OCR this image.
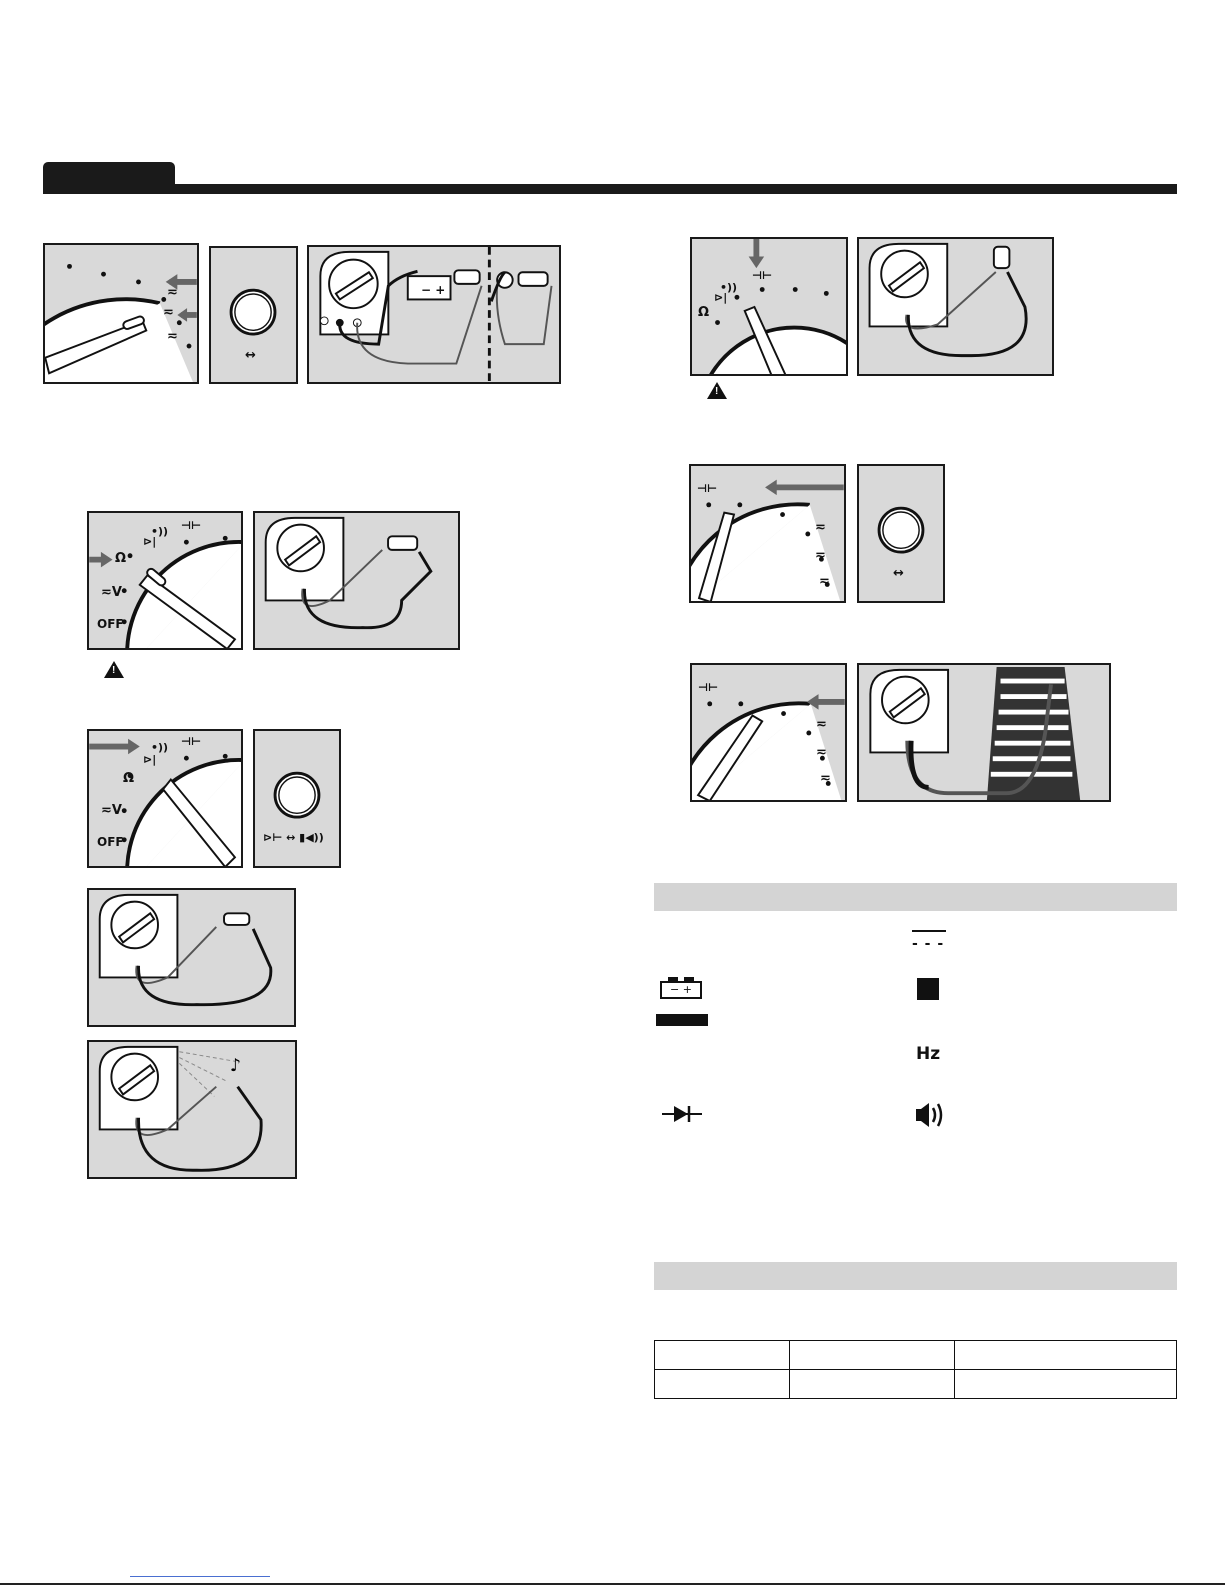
≂
≂
≂
↔
− +
•))
⊳|
⊣⊢
Ω
≂V
OFF
!
•))
⊳|
⊣⊢
Ω
≂V
OFF	⊳⊢ ↔ ▮◀))
♪
⊣⊢
•))
⊳|
Ω
!
⊣⊢
≂
≂
≂
↔
⊣⊢
≂
≂
≂
- - -
− +
Hz
